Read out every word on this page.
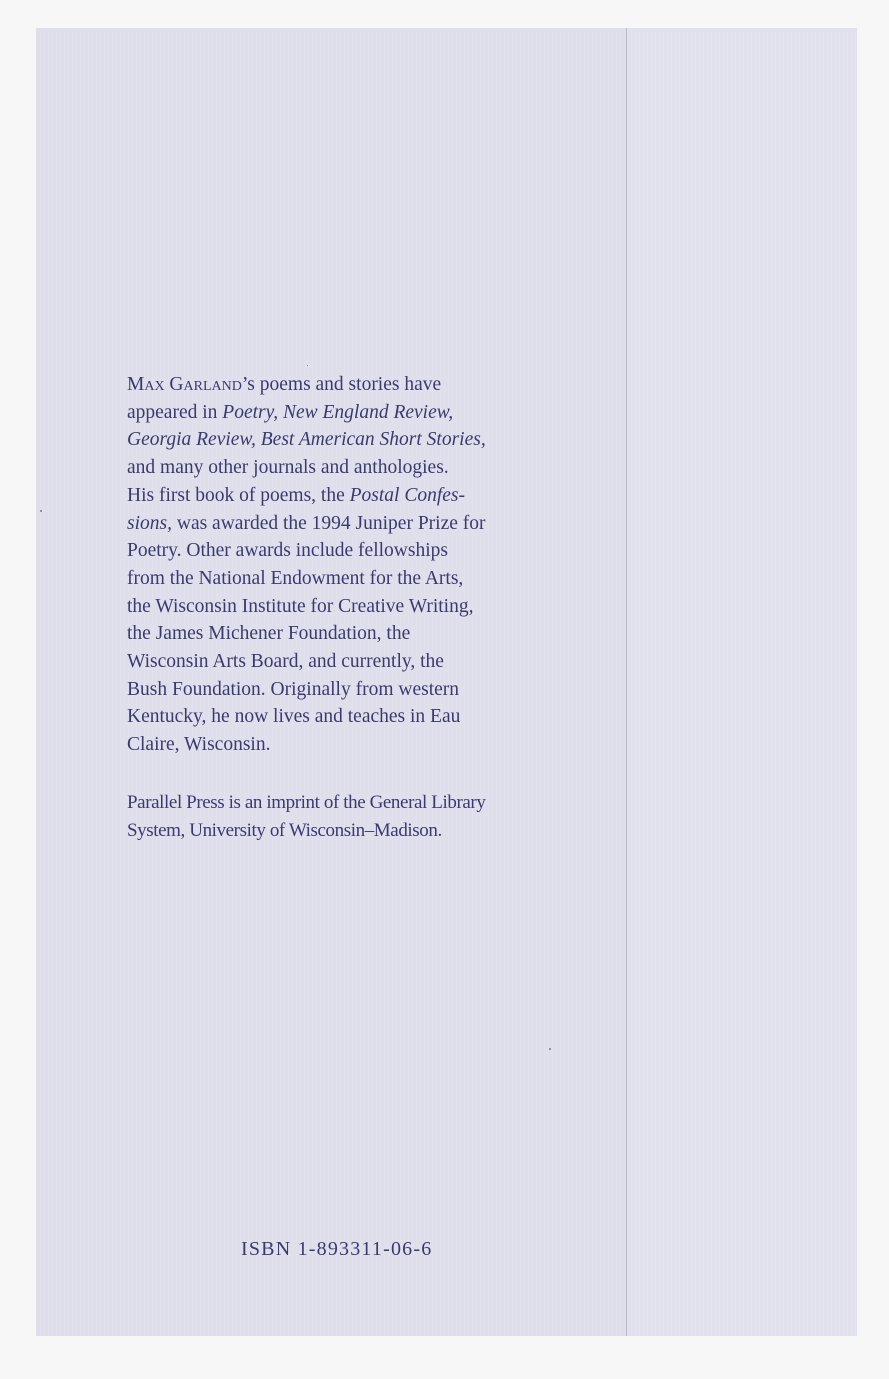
Max Garland’s poems and stories have
appeared in Poetry, New England Review,
Georgia Review, Best American Short Stories,
and many other journals and anthologies.
His first book of poems, the Postal Confes-
sions, was awarded the 1994 Juniper Prize for
Poetry. Other awards include fellowships
from the National Endowment for the Arts,
the Wisconsin Institute for Creative Writing,
the James Michener Foundation, the
Wisconsin Arts Board, and currently, the
Bush Foundation. Originally from western
Kentucky, he now lives and teaches in Eau
Claire, Wisconsin.
Parallel Press is an imprint of the General Library
System, University of Wisconsin–Madison.
ISBN 1-893311-06-6
